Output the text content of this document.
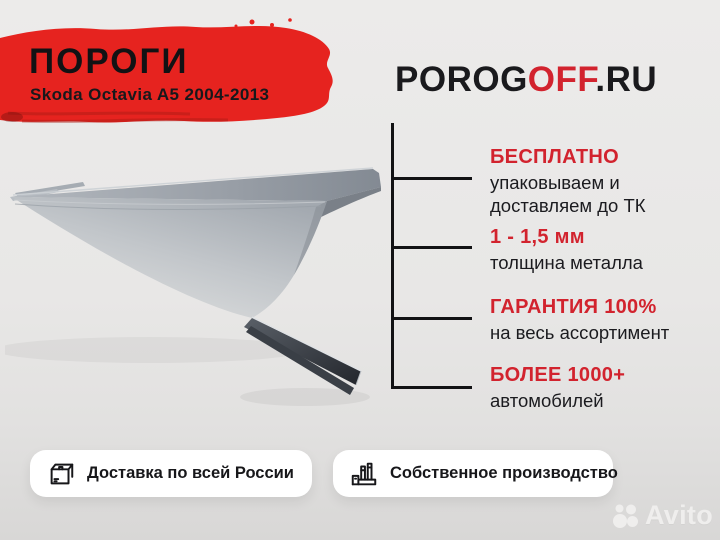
ПОРОГИ
Skoda Octavia A5 2004-2013	POROGOFF.RU
БЕСПЛАТНО
упаковываем и
доставляем до ТК
1 - 1,5 мм
толщина металла
ГАРАНТИЯ 100%
на весь ассортимент
БОЛЕЕ 1000+
автомобилей
Доставка по всей России	Собственное производство
Avito
